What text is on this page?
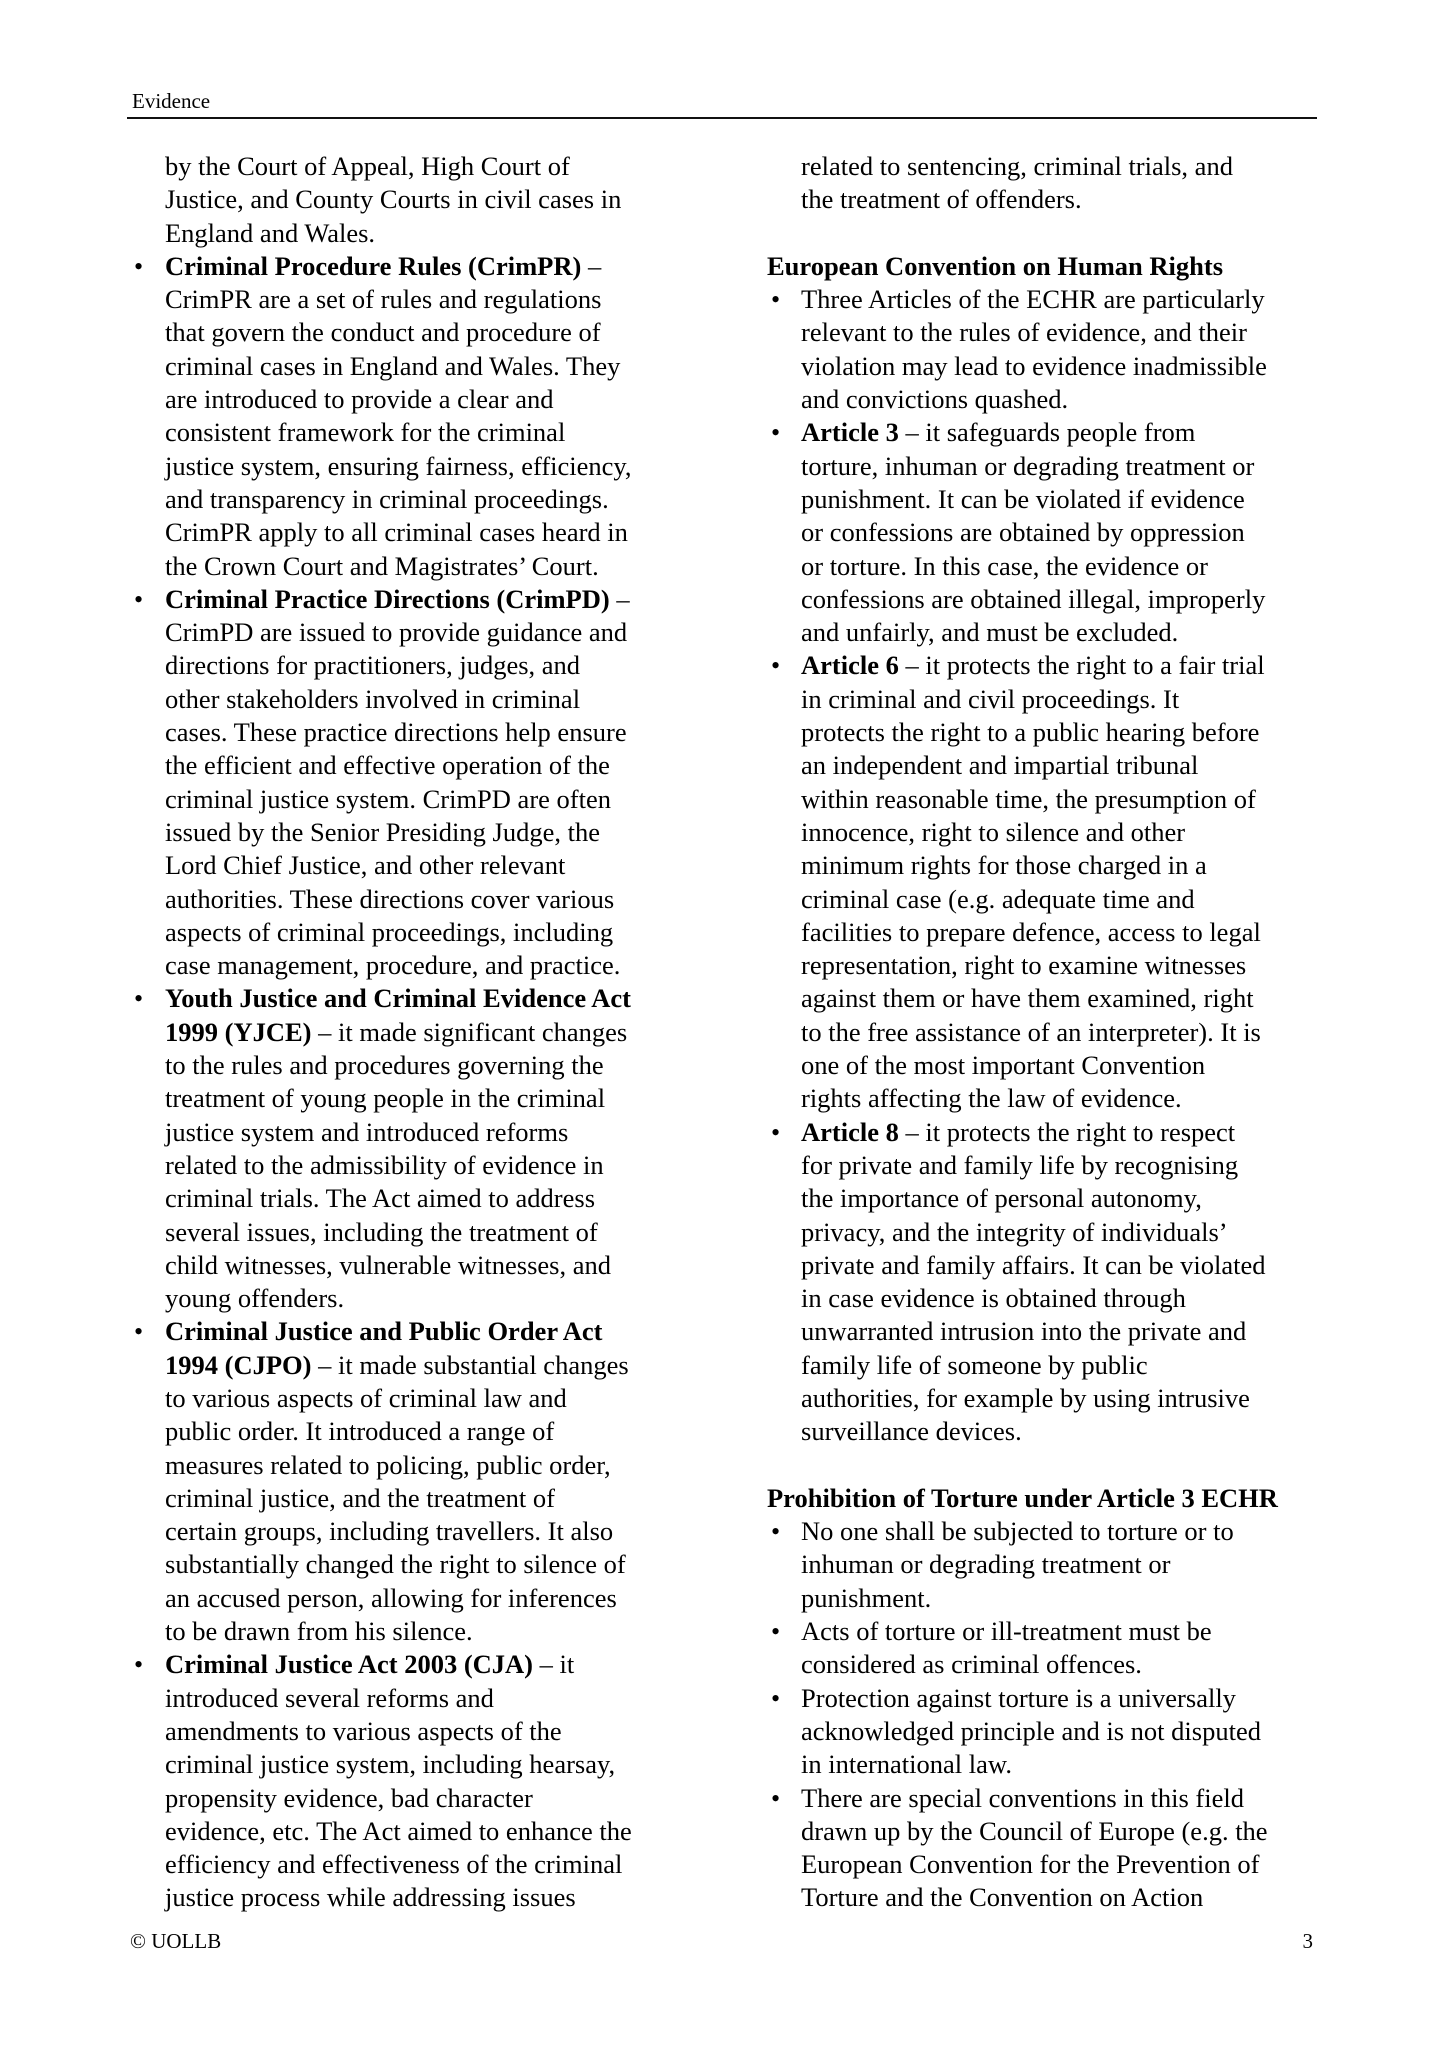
Evidence
by the Court of Appeal, High Court of
Justice, and County Courts in civil cases in
England and Wales.
• Criminal Procedure Rules (CrimPR) –
CrimPR are a set of rules and regulations
that govern the conduct and procedure of
criminal cases in England and Wales. They
are introduced to provide a clear and
consistent framework for the criminal
justice system, ensuring fairness, efficiency,
and transparency in criminal proceedings.
CrimPR apply to all criminal cases heard in
the Crown Court and Magistrates’ Court.
• Criminal Practice Directions (CrimPD) –
CrimPD are issued to provide guidance and
directions for practitioners, judges, and
other stakeholders involved in criminal
cases. These practice directions help ensure
the efficient and effective operation of the
criminal justice system. CrimPD are often
issued by the Senior Presiding Judge, the
Lord Chief Justice, and other relevant
authorities. These directions cover various
aspects of criminal proceedings, including
case management, procedure, and practice.
• Youth Justice and Criminal Evidence Act
1999 (YJCE) – it made significant changes
to the rules and procedures governing the
treatment of young people in the criminal
justice system and introduced reforms
related to the admissibility of evidence in
criminal trials. The Act aimed to address
several issues, including the treatment of
child witnesses, vulnerable witnesses, and
young offenders.
• Criminal Justice and Public Order Act
1994 (CJPO) – it made substantial changes
to various aspects of criminal law and
public order. It introduced a range of
measures related to policing, public order,
criminal justice, and the treatment of
certain groups, including travellers. It also
substantially changed the right to silence of
an accused person, allowing for inferences
to be drawn from his silence.
• Criminal Justice Act 2003 (CJA) – it
introduced several reforms and
amendments to various aspects of the
criminal justice system, including hearsay,
propensity evidence, bad character
evidence, etc. The Act aimed to enhance the
efficiency and effectiveness of the criminal
justice process while addressing issues
related to sentencing, criminal trials, and
the treatment of offenders.
European Convention on Human Rights
• Three Articles of the ECHR are particularly
relevant to the rules of evidence, and their
violation may lead to evidence inadmissible
and convictions quashed.
• Article 3 – it safeguards people from
torture, inhuman or degrading treatment or
punishment. It can be violated if evidence
or confessions are obtained by oppression
or torture. In this case, the evidence or
confessions are obtained illegal, improperly
and unfairly, and must be excluded.
• Article 6 – it protects the right to a fair trial
in criminal and civil proceedings. It
protects the right to a public hearing before
an independent and impartial tribunal
within reasonable time, the presumption of
innocence, right to silence and other
minimum rights for those charged in a
criminal case (e.g. adequate time and
facilities to prepare defence, access to legal
representation, right to examine witnesses
against them or have them examined, right
to the free assistance of an interpreter). It is
one of the most important Convention
rights affecting the law of evidence.
• Article 8 – it protects the right to respect
for private and family life by recognising
the importance of personal autonomy,
privacy, and the integrity of individuals’
private and family affairs. It can be violated
in case evidence is obtained through
unwarranted intrusion into the private and
family life of someone by public
authorities, for example by using intrusive
surveillance devices.
Prohibition of Torture under Article 3 ECHR
• No one shall be subjected to torture or to
inhuman or degrading treatment or
punishment.
• Acts of torture or ill-treatment must be
considered as criminal offences.
• Protection against torture is a universally
acknowledged principle and is not disputed
in international law.
• There are special conventions in this field
drawn up by the Council of Europe (e.g. the
European Convention for the Prevention of
Torture and the Convention on Action
© UOLLB	3
